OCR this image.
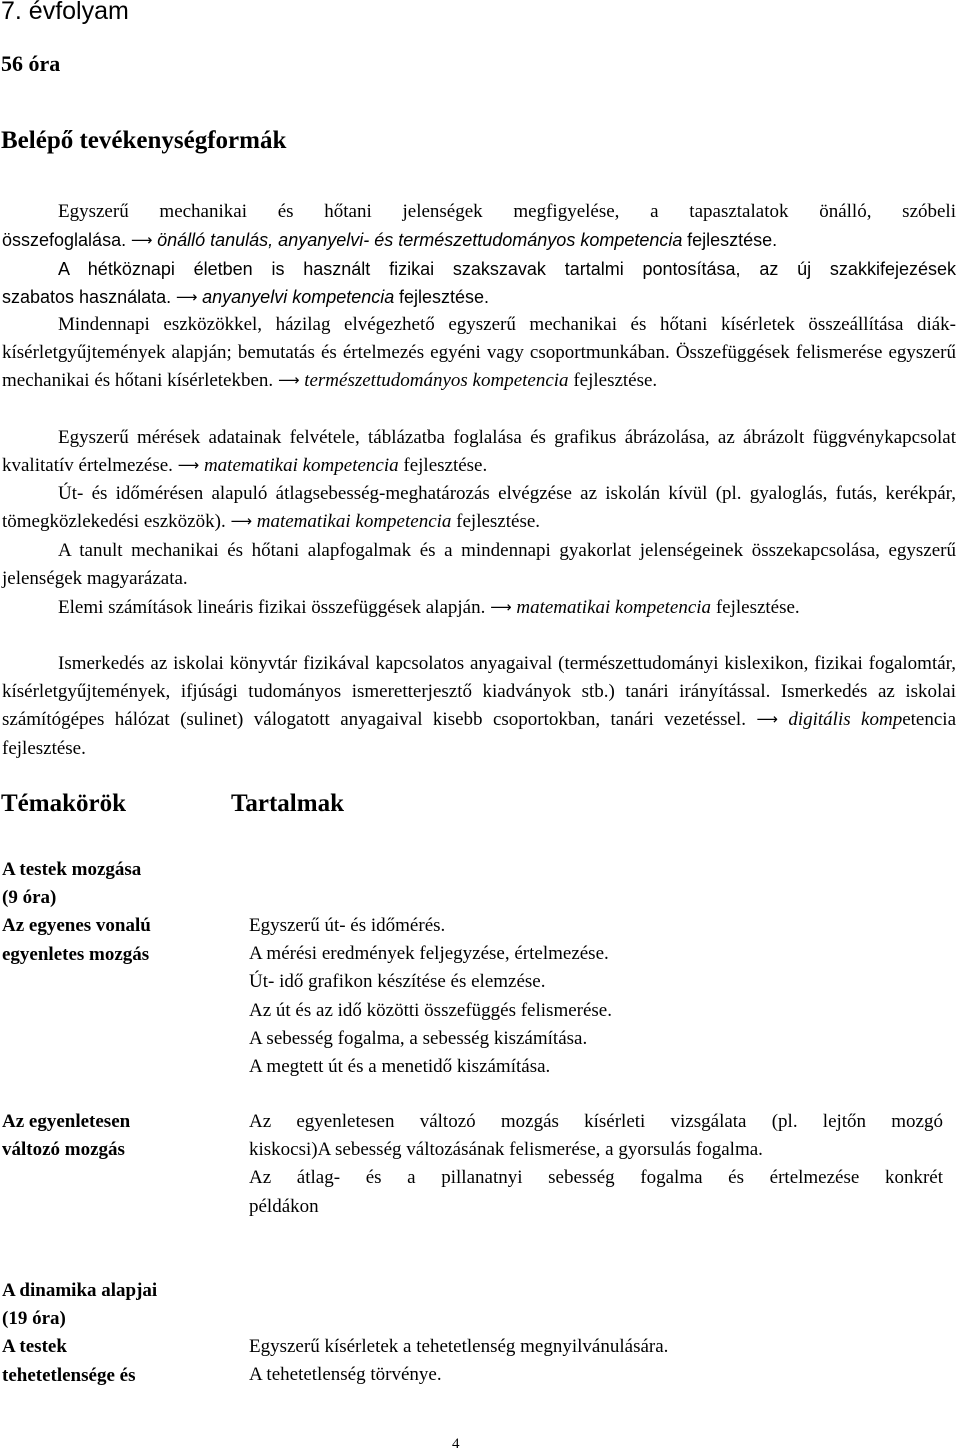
7. évfolyam
56 óra
Belépő tevékenységformák
Egyszerű mechanikai és hőtani jelenségek megfigyelése, a tapasztalatok önálló, szóbeli
összefoglalása. ⟶ önálló tanulás, anyanyelvi- és természettudományos kompetencia fejlesztése.
A hétköznapi életben is használt fizikai szakszavak tartalmi pontosítása, az új szakkifejezések
szabatos használata. ⟶ anyanyelvi kompetencia fejlesztése.
Mindennapi eszközökkel, házilag elvégezhető egyszerű mechanikai és hőtani kísérletek összeállítása diák-kísérletgyűjtemények alapján; bemutatás és értelmezés egyéni vagy csoportmunkában. Összefüggések felismerése egyszerű mechanikai és hőtani kísérletekben. ⟶ természettudományos kompetencia fejlesztése.
Egyszerű mérések adatainak felvétele, táblázatba foglalása és grafikus ábrázolása, az ábrázolt függvénykapcsolat kvalitatív értelmezése. ⟶ matematikai kompetencia fejlesztése.
Út- és időmérésen alapuló átlagsebesség-meghatározás elvégzése az iskolán kívül (pl. gyaloglás, futás, kerékpár, tömegközlekedési eszközök). ⟶ matematikai kompetencia fejlesztése.
A tanult mechanikai és hőtani alapfogalmak és a mindennapi gyakorlat jelenségeinek összekapcsolása, egyszerű jelenségek magyarázata.
Elemi számítások lineáris fizikai összefüggések alapján. ⟶ matematikai kompetencia fejlesztése.
Ismerkedés az iskolai könyvtár fizikával kapcsolatos anyagaival (természettudományi kislexikon, fizikai fogalomtár, kísérletgyűjtemények, ifjúsági tudományos ismeretterjesztő kiadványok stb.) tanári irányítással. Ismerkedés az iskolai számítógépes hálózat (sulinet) válogatott anyagaival kisebb csoportokban, tanári vezetéssel. ⟶ digitális kompetencia fejlesztése.
Témakörök	Tartalmak
A testek mozgása
(9 óra)
Az egyenes vonalú
egyenletes mozgás
Egyszerű út- és időmérés.
A mérési eredmények feljegyzése, értelmezése.
Út- idő grafikon készítése és elemzése.
Az út és az idő közötti összefüggés felismerése.
A sebesség fogalma, a sebesség kiszámítása.
A megtett út és a menetidő kiszámítása.
Az egyenletesen
változó mozgás
Az egyenletesen változó mozgás kísérleti vizsgálata (pl. lejtőn mozgó
kiskocsi)A sebesség változásának felismerése, a gyorsulás fogalma.
Az átlag- és a pillanatnyi sebesség fogalma és értelmezése konkrét
példákon
A dinamika alapjai
(19 óra)
A testek
tehetetlensége és
Egyszerű kísérletek a tehetetlenség megnyilvánulására.
A tehetetlenség törvénye.
4
